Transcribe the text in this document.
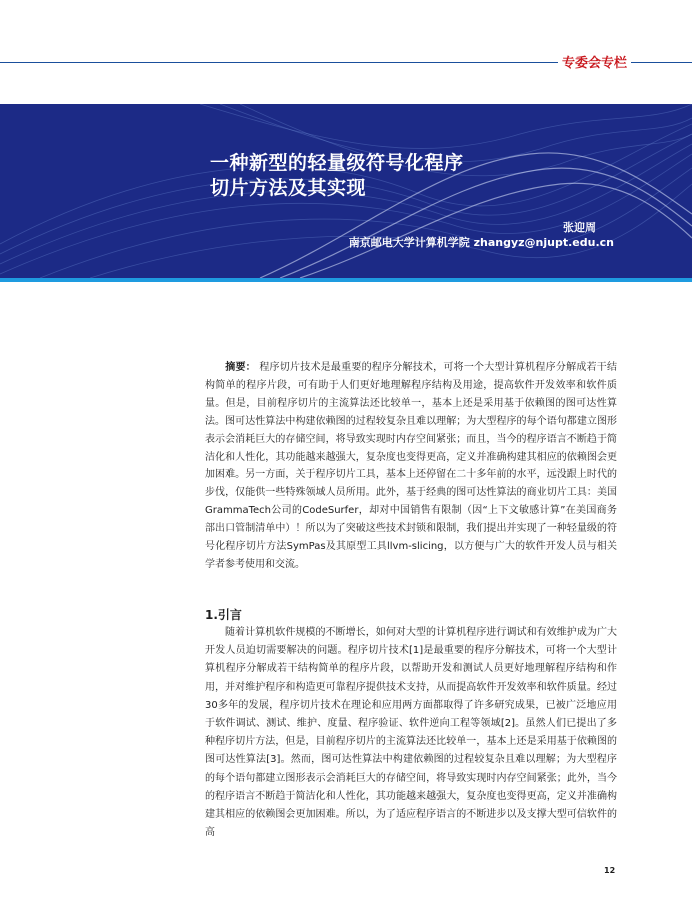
专委会专栏
一种新型的轻量级符号化程序
切片方法及其实现
张迎周
南京邮电大学计算机学院 zhangyz@njupt.edu.cn
摘要： 程序切片技术是最重要的程序分解技术，可将一个大型计算机程序分解成若干结构简单的程序片段，可有助于人们更好地理解程序结构及用途，提高软件开发效率和软件质量。但是，目前程序切片的主流算法还比较单一，基本上还是采用基于依赖图的图可达性算法。图可达性算法中构建依赖图的过程较复杂且难以理解；为大型程序的每个语句都建立图形表示会消耗巨大的存储空间，将导致实现时内存空间紧张；而且，当今的程序语言不断趋于简洁化和人性化，其功能越来越强大，复杂度也变得更高，定义并准确构建其相应的依赖图会更加困难。另一方面，关于程序切片工具，基本上还停留在二十多年前的水平，远没跟上时代的步伐，仅能供一些特殊领域人员所用。此外，基于经典的图可达性算法的商业切片工具：美国GrammaTech公司的CodeSurfer，却对中国销售有限制（因“上下文敏感计算”在美国商务部出口管制清单中）！所以为了突破这些技术封锁和限制，我们提出并实现了一种轻量级的符号化程序切片方法SymPas及其原型工具llvm-slicing，以方便与广大的软件开发人员与相关学者参考使用和交流。
1.引言
随着计算机软件规模的不断增长，如何对大型的计算机程序进行调试和有效维护成为广大开发人员迫切需要解决的问题。程序切片技术[1]是最重要的程序分解技术，可将一个大型计算机程序分解成若干结构简单的程序片段，以帮助开发和测试人员更好地理解程序结构和作用，并对维护程序和构造更可靠程序提供技术支持，从而提高软件开发效率和软件质量。经过30多年的发展，程序切片技术在理论和应用两方面都取得了许多研究成果，已被广泛地应用于软件调试、测试、维护、度量、程序验证、软件逆向工程等领域[2]。虽然人们已提出了多种程序切片方法，但是，目前程序切片的主流算法还比较单一，基本上还是采用基于依赖图的图可达性算法[3]。然而，图可达性算法中构建依赖图的过程较复杂且难以理解；为大型程序的每个语句都建立图形表示会消耗巨大的存储空间，将导致实现时内存空间紧张；此外，当今的程序语言不断趋于简洁化和人性化，其功能越来越强大，复杂度也变得更高，定义并准确构建其相应的依赖图会更加困难。所以，为了适应程序语言的不断进步以及支撑大型可信软件的高
12
